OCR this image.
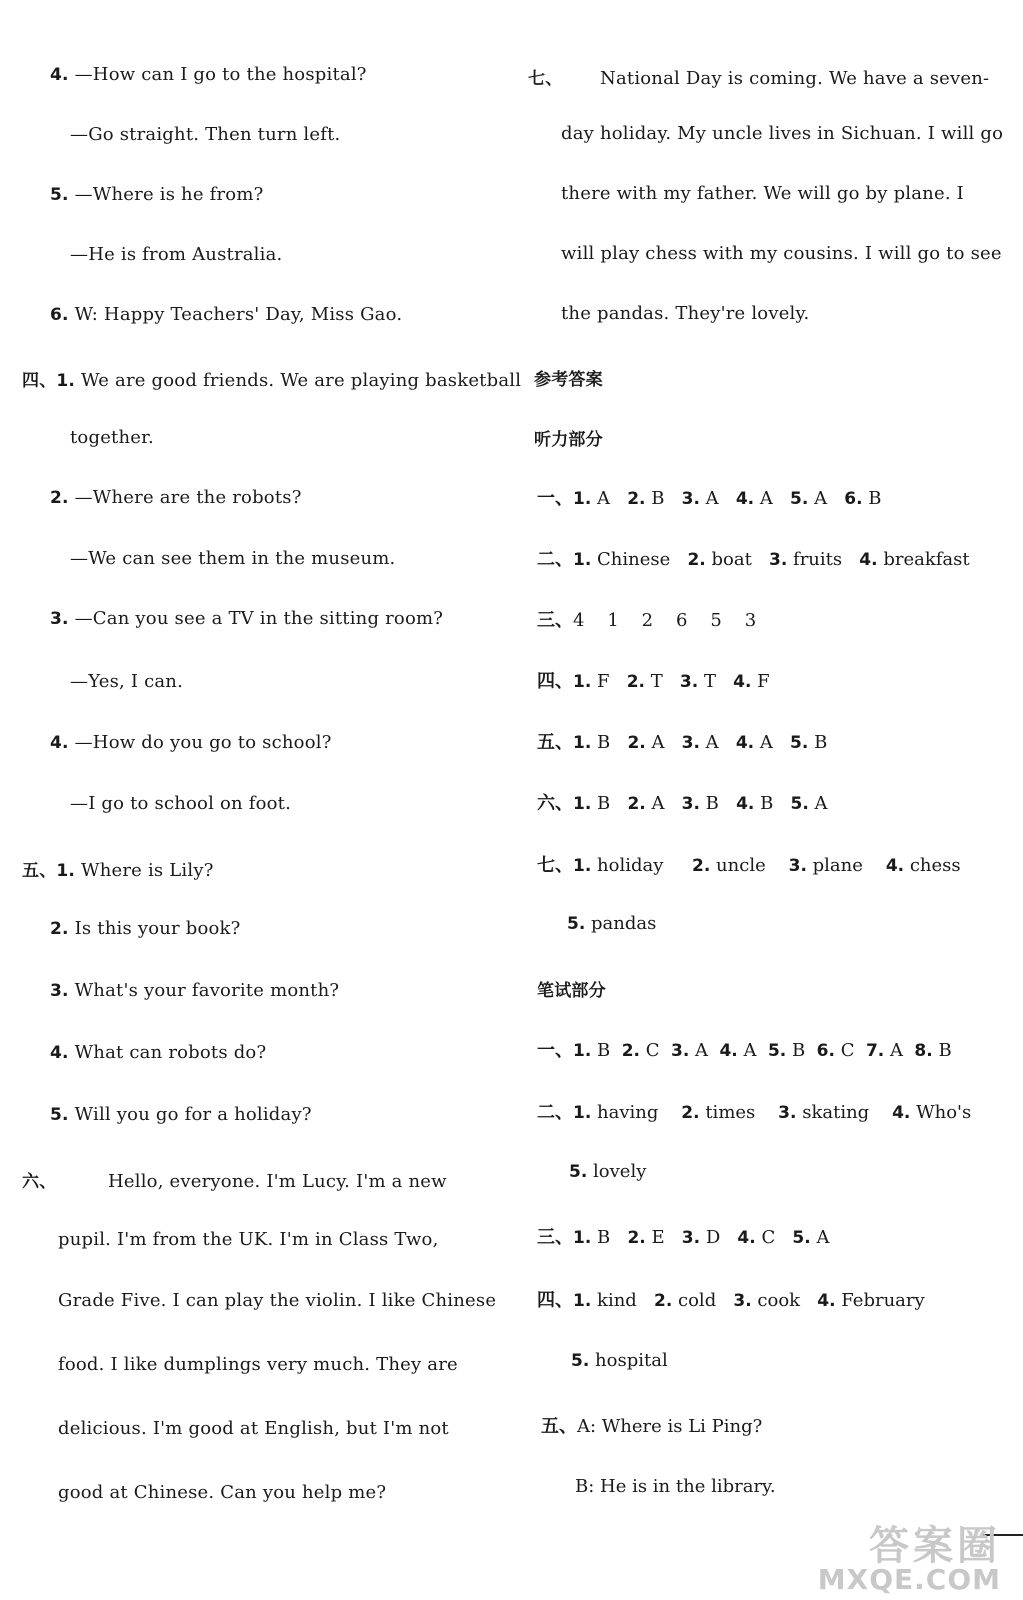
4. —How can I go to the hospital?
—Go straight. Then turn left.
5. —Where is he from?
—He is from Australia.
6. W: Happy Teachers' Day, Miss Gao.
四、1. We are good friends. We are playing basketball
together.
2. —Where are the robots?
—We can see them in the museum.
3. —Can you see a TV in the sitting room?
—Yes, I can.
4. —How do you go to school?
—I go to school on foot.
五、1. Where is Lily?
2. Is this your book?
3. What's your favorite month?
4. What can robots do?
5. Will you go for a holiday?
六、	Hello, everyone. I'm Lucy. I'm a new
pupil. I'm from the UK. I'm in Class Two,
Grade Five. I can play the violin. I like Chinese
food. I like dumplings very much. They are
delicious. I'm good at English, but I'm not
good at Chinese. Can you help me?
七、 National Day is coming. We have a seven-
day holiday. My uncle lives in Sichuan. I will go
there with my father. We will go by plane. I
will play chess with my cousins. I will go to see
the pandas. They're lovely.
参考答案
听力部分
一、1. A 2. B 3. A 4. A 5. A 6. B
二、1. Chinese 2. boat 3. fruits 4. breakfast
三、4    1    2    6    5    3
四、1. F 2. T 3. T 4. F
五、1. B 2. A 3. A 4. A 5. B
六、1. B 2. A 3. B 4. B 5. A
七、1. holiday 2. uncle 3. plane 4. chess
5. pandas
笔试部分
一、1. B 2. C 3. A 4. A 5. B 6. C 7. A 8. B
二、1. having 2. times 3. skating 4. Who's
5. lovely
三、1. B 2. E 3. D 4. C 5. A
四、1. kind 2. cold 3. cook 4. February
5. hospital
五、A: Where is Li Ping?
B: He is in the library.
答案圈
MXQE.COM
